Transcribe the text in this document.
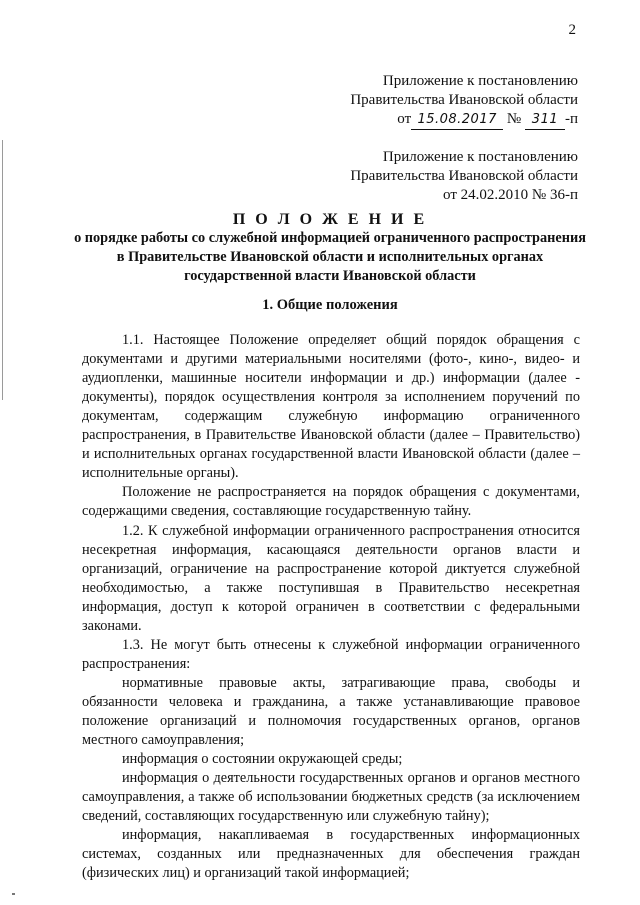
2
Приложение к постановлению
Правительства Ивановской области
от 15.08.2017 № 311 -п
Приложение к постановлению
Правительства Ивановской области
от 24.02.2010 № 36-п
П О Л О Ж Е Н И Е
о порядке работы со служебной информацией ограниченного распространения в Правительстве Ивановской области и исполнительных органах государственной власти Ивановской области
1. Общие положения

1.1. Настоящее Положение определяет общий порядок обращения с документами и другими материальными носителями (фото-, кино-, видео- и аудиопленки, машинные носители информации и др.) информации (далее - документы), порядок осуществления контроля за исполнением поручений по документам, содержащим служебную информацию ограниченного распространения, в Правительстве Ивановской области (далее – Правительство) и исполнительных органах государственной власти Ивановской области (далее – исполнительные органы).

Положение не распространяется на порядок обращения с документами, содержащими сведения, составляющие государственную тайну.

1.2. К служебной информации ограниченного распространения относится несекретная информация, касающаяся деятельности органов власти и организаций, ограничение на распространение которой диктуется служебной необходимостью, а также поступившая в Правительство несекретная информация, доступ к которой ограничен в соответствии с федеральными законами.

1.3. Не могут быть отнесены к служебной информации ограниченного распространения:

нормативные правовые акты, затрагивающие права, свободы и обязанности человека и гражданина, а также устанавливающие правовое положение организаций и полномочия государственных органов, органов местного самоуправления;

информация о состоянии окружающей среды;

информация о деятельности государственных органов и органов местного самоуправления, а также об использовании бюджетных средств (за исключением сведений, составляющих государственную или служебную тайну);

информация, накапливаемая в государственных информационных системах, созданных или предназначенных для обеспечения граждан (физических лиц) и организаций такой информацией;
